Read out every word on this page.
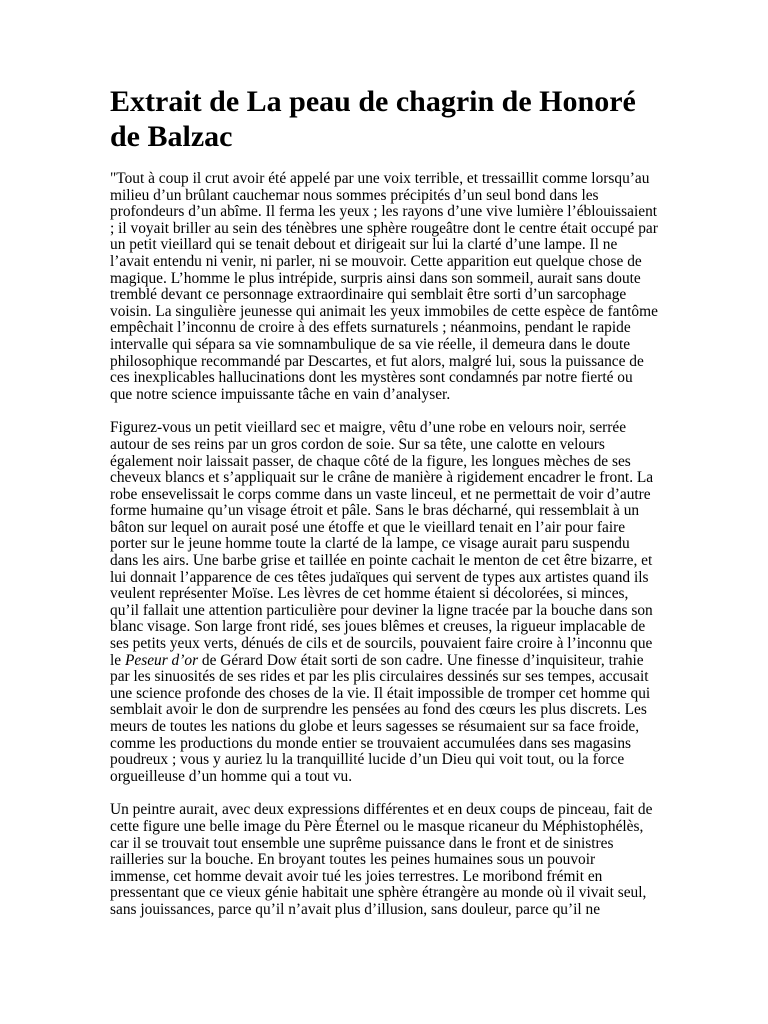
Extrait de La peau de chagrin de Honoré de Balzac

"Tout à coup il crut avoir été appelé par une voix terrible, et tressaillit comme lorsqu’au milieu d’un brûlant cauchemar nous sommes précipités d’un seul bond dans les profondeurs d’un abîme. Il ferma les yeux ; les rayons d’une vive lumière l’éblouissaient ; il voyait briller au sein des ténèbres une sphère rougeâtre dont le centre était occupé par un petit vieillard qui se tenait debout et dirigeait sur lui la clarté d’une lampe. Il ne l’avait entendu ni venir, ni parler, ni se mouvoir. Cette apparition eut quelque chose de magique. L’homme le plus intrépide, surpris ainsi dans son sommeil, aurait sans doute tremblé devant ce personnage extraordinaire qui semblait être sorti d’un sarcophage voisin. La singulière jeunesse qui animait les yeux immobiles de cette espèce de fantôme empêchait l’inconnu de croire à des effets surnaturels ; néanmoins, pendant le rapide intervalle qui sépara sa vie somnambulique de sa vie réelle, il demeura dans le doute philosophique recommandé par Descartes, et fut alors, malgré lui, sous la puissance de ces inexplicables hallucinations dont les mystères sont condamnés par notre fierté ou que notre science impuissante tâche en vain d’analyser.

Figurez-vous un petit vieillard sec et maigre, vêtu d’une robe en velours noir, serrée autour de ses reins par un gros cordon de soie. Sur sa tête, une calotte en velours également noir laissait passer, de chaque côté de la figure, les longues mèches de ses cheveux blancs et s’appliquait sur le crâne de manière à rigidement encadrer le front. La robe ensevelissait le corps comme dans un vaste linceul, et ne permettait de voir d’autre forme humaine qu’un visage étroit et pâle. Sans le bras décharné, qui ressemblait à un bâton sur lequel on aurait posé une étoffe et que le vieillard tenait en l’air pour faire porter sur le jeune homme toute la clarté de la lampe, ce visage aurait paru suspendu dans les airs. Une barbe grise et taillée en pointe cachait le menton de cet être bizarre, et lui donnait l’apparence de ces têtes judaïques qui servent de types aux artistes quand ils veulent représenter Moïse. Les lèvres de cet homme étaient si décolorées, si minces, qu’il fallait une attention particulière pour deviner la ligne tracée par la bouche dans son blanc visage. Son large front ridé, ses joues blêmes et creuses, la rigueur implacable de ses petits yeux verts, dénués de cils et de sourcils, pouvaient faire croire à l’inconnu que le Peseur d’or de Gérard Dow était sorti de son cadre. Une finesse d’inquisiteur, trahie par les sinuosités de ses rides et par les plis circulaires dessinés sur ses tempes, accusait une science profonde des choses de la vie. Il était impossible de tromper cet homme qui semblait avoir le don de surprendre les pensées au fond des cœurs les plus discrets. Les meurs de toutes les nations du globe et leurs sagesses se résumaient sur sa face froide, comme les productions du monde entier se trouvaient accumulées dans ses magasins poudreux ; vous y auriez lu la tranquillité lucide d’un Dieu qui voit tout, ou la force orgueilleuse d’un homme qui a tout vu.

Un peintre aurait, avec deux expressions différentes et en deux coups de pinceau, fait de cette figure une belle image du Père Éternel ou le masque ricaneur du Méphistophélès, car il se trouvait tout ensemble une suprême puissance dans le front et de sinistres railleries sur la bouche. En broyant toutes les peines humaines sous un pouvoir immense, cet homme devait avoir tué les joies terrestres. Le moribond frémit en pressentant que ce vieux génie habitait une sphère étrangère au monde où il vivait seul, sans jouissances, parce qu’il n’avait plus d’illusion, sans douleur, parce qu’il ne
